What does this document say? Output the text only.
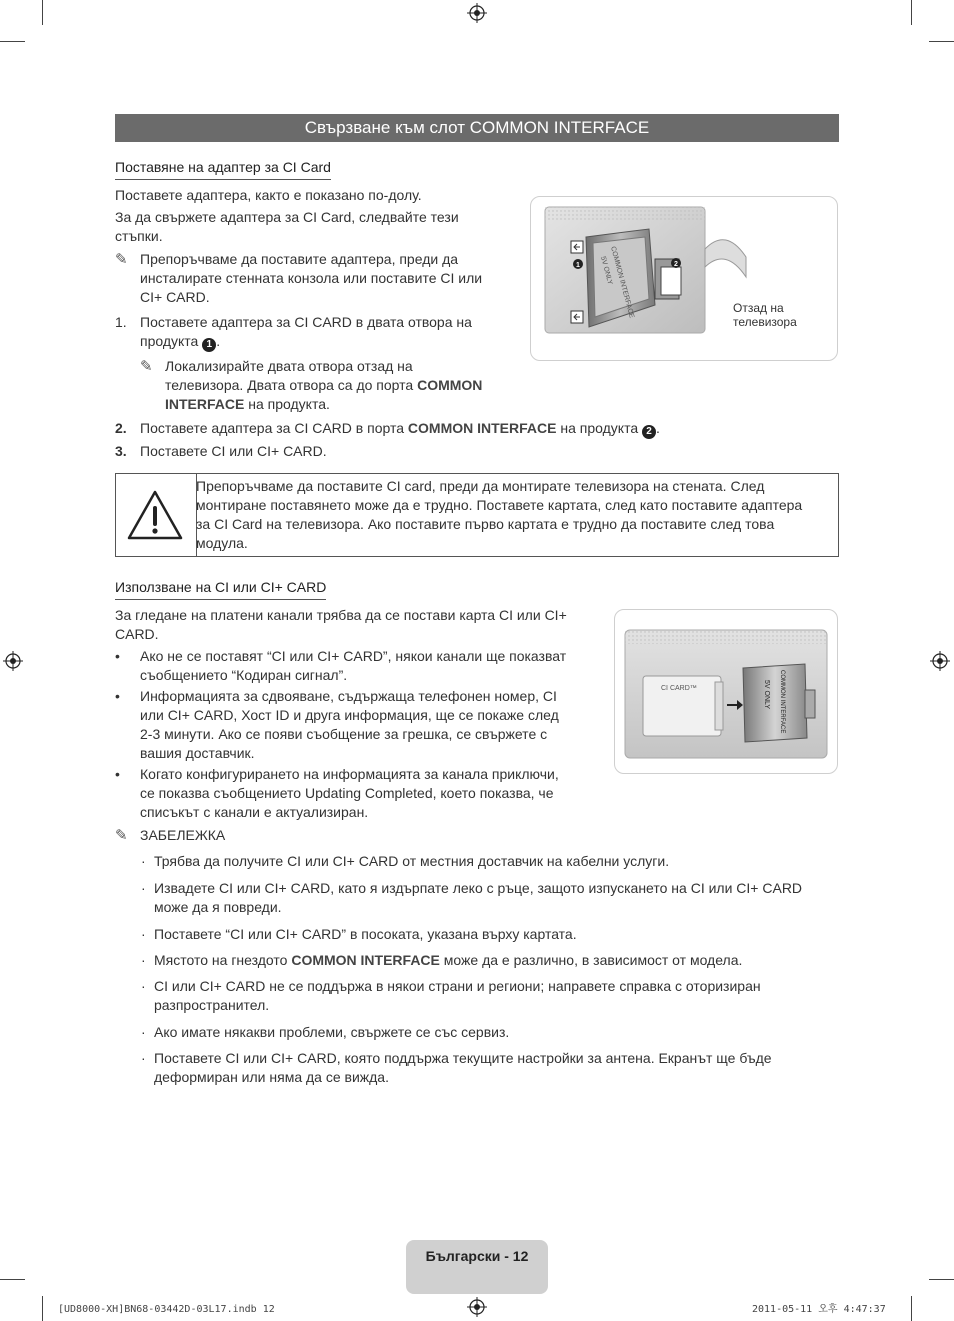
Свързване към слот COMMON INTERFACE
Поставяне на адаптер за CI Card
Поставете адаптера, както е показано по-долу.
За да свържете адаптера за CI Card, следвайте тези
стъпки.
✎ Препоръчваме да поставите адаптера, преди да
инсталирате стенната конзола или поставите CI или
CI+ CARD.
1. Поставете адаптера за CI CARD в двата отвора на
продукта 1 .
✎ Локализирайте двата отвора отзад на
телевизора. Двата отвора са до порта COMMON
INTERFACE на продукта.
2. Поставете адаптера за CI CARD в порта COMMON INTERFACE на продукта 2 .
3. Поставете CI или CI+ CARD.
COMMON INTERFACE
5V ONLY
1	2
Отзад на
телевизора
Препоръчваме да поставите CI card, преди да монтирате телевизора на стената. След
монтиране поставянето може да е трудно. Поставете картата, след като поставите адаптера
за CI Card на телевизора. Ако поставите първо картата е трудно да поставите след това
модула.
Използване на CI или CI+ CARD
За гледане на платени канали трябва да се постави карта CI или CI+
CARD.
• Ако не се поставят “CI или CI+ CARD”, някои канали ще показват
съобщението “Кодиран сигнал”.
• Информацията за сдвояване, съдържаща телефонен номер, CI
или CI+ CARD, Хост ID и друга информация, ще се покаже след
2-3 минути. Ако се появи съобщение за грешка, се свържете с
вашия доставчик.
• Когато конфигурирането на информацията за канала приключи,
се показва съобщението Updating Completed, което показва, че
списъкът с канали е актуализиран.
CI CARD™	5V ONLY COMMON INTERFACE
✎ ЗАБЕЛЕЖКА
· Трябва да получите CI или CI+ CARD от местния доставчик на кабелни услуги.
· Извадете CI или CI+ CARD, като я издърпате леко с ръце, защото изпускането на CI или CI+ CARD
може да я повреди.
· Поставете “CI или CI+ CARD” в посоката, указана върху картата.
· Мястото на гнездото COMMON INTERFACE може да е различно, в зависимост от модела.
· CI или CI+ CARD не се поддържа в някои страни и региони; направете справка с оторизиран
разпространител.
· Ако имате някакви проблеми, свържете се със сервиз.
· Поставете CI или CI+ CARD, която поддържа текущите настройки за антена. Екранът ще бъде
деформиран или няма да се вижда.
Български - 12
[UD8000-XH]BN68-03442D-03L17.indb 12	2011-05-11 오후 4:47:37
